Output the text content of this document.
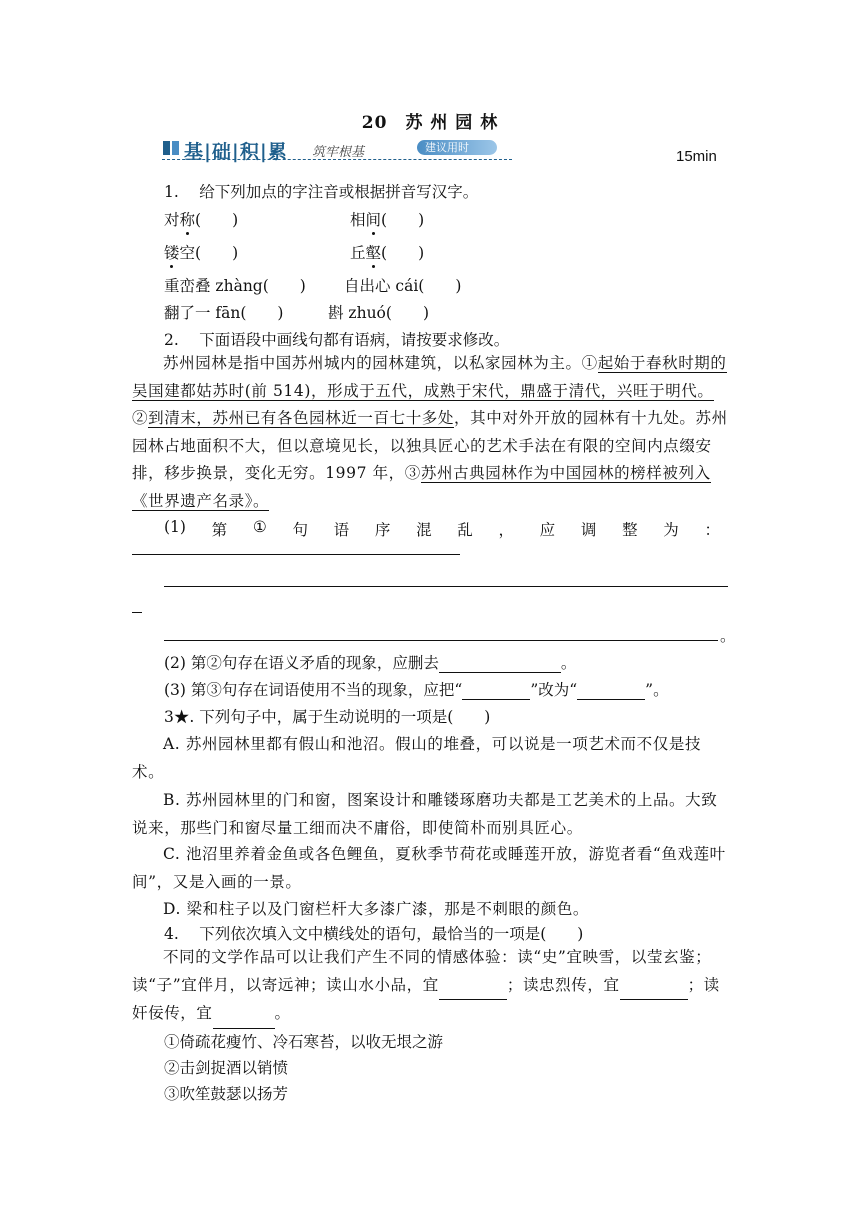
20　苏 州 园 林
基|础|积|累 筑牢根基	建议用时
15min
1.　 给下列加点的字注音或根据拼音写汉字。
对称(　　)	相间(　　)
镂空(　　)	丘壑(　　)
重峦叠 zhàng(　　) 自出心 cái(　　)
翻了一 fān(　　)	斟 zhuó(　　)
2.　 下面语段中画线句都有语病，请按要求修改。
苏州园林是指中国苏州城内的园林建筑，以私家园林为主。①起始于春秋时期的吴国建都姑苏时(前 514)，形成于五代，成熟于宋代，鼎盛于清代，兴旺于明代。②到清末，苏州已有各色园林近一百七十多处，其中对外开放的园林有十九处。苏州园林占地面积不大，但以意境见长，以独具匠心的艺术手法在有限的空间内点缀安排，移步换景，变化无穷。1997 年，③苏州古典园林作为中国园林的榜样被列入《世界遗产名录》。
(1) 第 ① 句 语 序 混 乱 ， 应 调 整 为 ：
。
(2) 第②句存在语义矛盾的现象，应删去	。
(3) 第③句存在词语使用不当的现象，应把“	”改为“	”。
3★. 下列句子中，属于生动说明的一项是(　　)
A. 苏州园林里都有假山和池沼。假山的堆叠，可以说是一项艺术而不仅是技术。
B. 苏州园林里的门和窗，图案设计和雕镂琢磨功夫都是工艺美术的上品。大致说来，那些门和窗尽量工细而决不庸俗，即使简朴而别具匠心。
C. 池沼里养着金鱼或各色鲤鱼，夏秋季节荷花或睡莲开放，游览者看“鱼戏莲叶间”，又是入画的一景。
D. 梁和柱子以及门窗栏杆大多漆广漆，那是不刺眼的颜色。
4.　 下列依次填入文中横线处的语句，最恰当的一项是(　　)
不同的文学作品可以让我们产生不同的情感体验：读“史”宜映雪，以莹玄鉴；读“子”宜伴月，以寄远神；读山水小品，宜	；读忠烈传，宜	；读奸佞传，宜	。
①倚疏花瘦竹、冷石寒苔，以收无垠之游
②击剑捉酒以销愤
③吹笙鼓瑟以扬芳
